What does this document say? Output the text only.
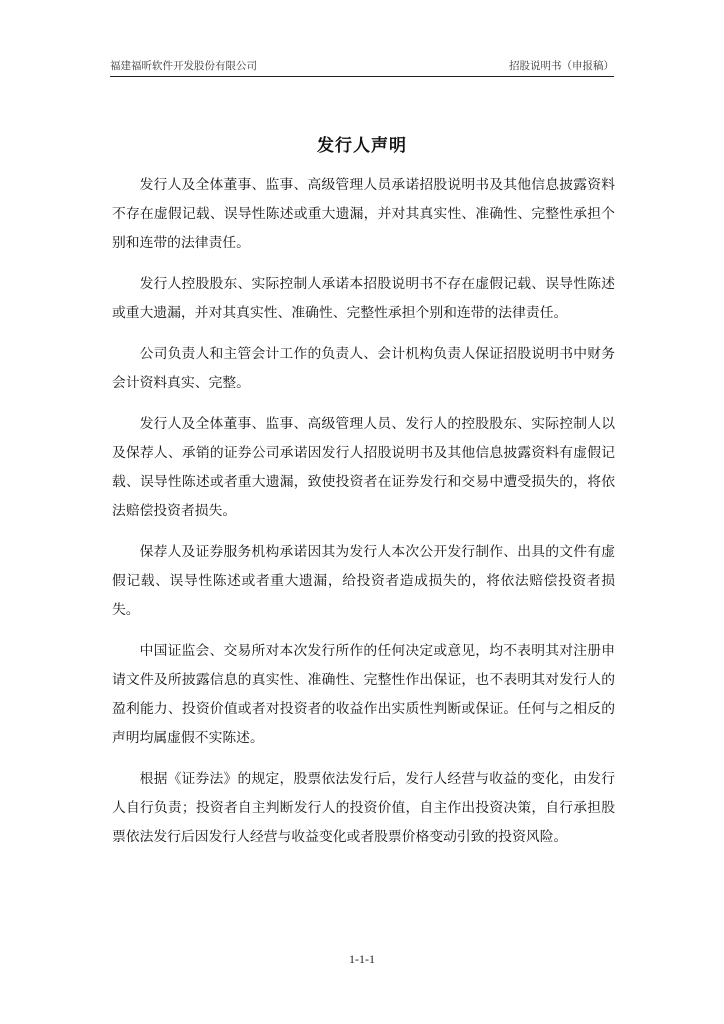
福建福昕软件开发股份有限公司	招股说明书（申报稿）
发行人声明

发行人及全体董事、监事、高级管理人员承诺招股说明书及其他信息披露资料不存在虚假记载、误导性陈述或重大遗漏，并对其真实性、准确性、完整性承担个别和连带的法律责任。

发行人控股股东、实际控制人承诺本招股说明书不存在虚假记载、误导性陈述或重大遗漏，并对其真实性、准确性、完整性承担个别和连带的法律责任。

公司负责人和主管会计工作的负责人、会计机构负责人保证招股说明书中财务会计资料真实、完整。

发行人及全体董事、监事、高级管理人员、发行人的控股股东、实际控制人以及保荐人、承销的证券公司承诺因发行人招股说明书及其他信息披露资料有虚假记载、误导性陈述或者重大遗漏，致使投资者在证券发行和交易中遭受损失的，将依法赔偿投资者损失。

保荐人及证券服务机构承诺因其为发行人本次公开发行制作、出具的文件有虚假记载、误导性陈述或者重大遗漏，给投资者造成损失的，将依法赔偿投资者损失。

中国证监会、交易所对本次发行所作的任何决定或意见，均不表明其对注册申请文件及所披露信息的真实性、准确性、完整性作出保证，也不表明其对发行人的盈利能力、投资价值或者对投资者的收益作出实质性判断或保证。任何与之相反的声明均属虚假不实陈述。

根据《证券法》的规定，股票依法发行后，发行人经营与收益的变化，由发行人自行负责；投资者自主判断发行人的投资价值，自主作出投资决策，自行承担股票依法发行后因发行人经营与收益变化或者股票价格变动引致的投资风险。

1-1-1
